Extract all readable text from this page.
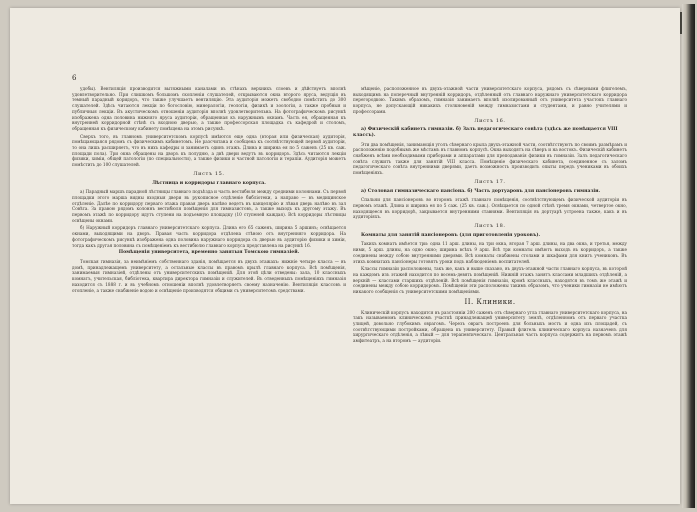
6

удобы). Вентиляція производится вытяжными каналами въ стѣнахъ верхнихъ слоевъ и дѣйствуетъ вполнѣ удовлетворительно. При слишкомъ большомъ скопленіи слушателей, открываются окна второго яруса, ведущія въ темный парадный коридоръ, что также улучшаетъ вентиляцію. Эта аудиторія можетъ свободно помѣстить до 300 слушателей. Здѣсь читаются лекціи по богословію, минералогіи, геологіи, физикѣ и зоологіи, а также пробныя и публичныя лекціи. Въ акустическомъ отношеніи аудиторія вполнѣ удовлетворительна. На фотографическомъ рисункѣ изображена одна половина нижняго яруса аудиторіи, обращенная къ наружнымъ окнамъ. Часть ея, обращенная къ внутренней корридорной стѣнѣ съ входною дверью, а также профессорская площадка съ кафедрой и столомъ, обращенная къ физическому кабинету помѣщена на этомъ рисункѣ.

Сверхъ того, въ главномъ университетскомъ корпусѣ имѣются еще одна (вторая или физическая) аудиторія, помѣщающаяся рядомъ съ физическимъ кабинетомъ. Не разсчитана и сообщена къ соотвѣтствующей первой аудиторіи, то она лишь расширяетъ, что въ нихъ кафедры и занимаетъ одинъ этажъ. Длина и ширина ея по 5 саженъ (25 кв. саж. площади пола). Три окна обращены на дворъ къ полудню, а двѣ двери ведутъ въ корридоръ. Здѣсь читаются лекціи физики, химіи, общей патологіи (по специальности), а также физики и частной патологіи и терапіи. Аудиторія можетъ помѣстить до 100 слушателей.

Листъ 15.
Лѣстница и корридоры главнаго корпуса.

а) Парадный маршъ парадной лѣстницы главнаго подъѣзда и часть вестибюля между средними колоннами. Съ первой площадки этого марша видны входныя двери въ рукописное отдѣленіе библіотеки, а направо — въ медицинское отдѣленіе. Далѣе по корридору перваго этажа правая дверь налѣво ведетъ въ канцелярію и лѣвая дверь налѣво въ зал Совѣта. За правою рядомъ колоннъ вестибюля помѣщенія для гимназистовъ, а также выходъ къ другому этажу. Въ первомъ этажѣ по корридору идутъ ступени на подъемную площадку (10 ступеней каждая). Всѣ корридоры лѣстницы освѣщены окнами.

б) Наружный корридоръ главнаго университетскаго корпуса. Длина его 65 саженъ, ширина 5 аршинъ; освѣщается окнами, выходящими на дворъ. Правая часть корридора отдѣлена стѣною отъ внутренняго корридора. На фотографическомъ рисункѣ изображена одна половина наружнаго корридора съ дверью въ аудиторію физики и химіи, тогда какъ другая половина съ помѣщеніемъ къ вестибюлю главнаго корпуса представлена на рисункѣ 16.

Помѣщенія университета, временно занятыя Томскою гимназіей.

Томская гимназія, за неимѣніемъ собственнаго зданія, помѣщается въ двухъ этажахъ: нижніе четыре класса — въ домѣ, принадлежащемъ университету, а остальные классы въ правомъ крылѣ главнаго корпуса. Всѣ помѣщенія, занимаемыя гимназіей, отдѣлены отъ университетскихъ помѣщеній. Для этой цѣли отведены: зала, 10 классныхъ комнатъ, учительская, библіотека, квартира директора гимназіи и служителей. Въ отведенныхъ помѣщеніяхъ гимназія находится съ 1888 г. и въ учебномъ отношеніи вполнѣ удовлетворяетъ своему назначенію. Вентиляція классовъ и отопленіе, а также снабженіе водою и освѣщеніе производятся общими съ университетомъ средствами.

мѣщеніе, расположенное въ двухъ-этажной части университетскаго корпуса, рядомъ съ сѣверными флигелемъ, выходящимъ на поперечный внутренній корридоръ, отдѣленный отъ главнаго наружнаго университетскаго корридора перегородкою. Такимъ образомъ, гимназія занимаетъ вполнѣ изолированный отъ университета участокъ главнаго корпуса, не допускающій никакихъ столкновеній между гимназистами и студентами, и равно учителями и профессорами.

Листъ 16.
а) Физическій кабинетъ гимназіи. б) Залъ педагогическаго совѣта (здѣсь же помѣщается VIII классъ).

Эти два помѣщенія, занимающія уголъ сѣвернаго крыла двухъ-этажной части, соотвѣтствуютъ по своимъ размѣрамъ и расположенію подобнымъ же мѣстамъ въ главномъ корпусѣ. Окна выходятъ на сѣверъ и на востокъ. Физическій кабинетъ снабженъ всѣми необходимыми приборами и аппаратами для преподаванія физики въ гимназіи. Залъ педагогическаго совѣта служитъ также для занятій VIII класса. Помѣщеніе физическаго кабинета, соединенное съ заломъ педагогическаго совѣта внутренними дверями, даетъ возможность производить опыты передъ учениками въ обоихъ помѣщеніяхъ.

Листъ 17.
а) Столовая гимназическаго пансіона. б) Часть дортуаровъ для пансіонеровъ гимназіи.

Спальни для пансіонеровъ во второмъ этажѣ главнаго помѣщенія, соотвѣтствующемъ физической аудиторіи въ первомъ этажѣ. Длина и ширина ея по 5 саж. (25 кв. саж.). Освѣщается по одной стѣнѣ тремя окнами, четвертое окно, находящееся въ корридорѣ, закрывается внутренними ставнями. Вентиляція въ дортуарѣ устроена также, какъ и въ аудиторіяхъ.

Листъ 18.
Комнаты для занятій пансіонеровъ (для приготовленія уроковъ).

Такихъ комнатъ имѣется три: одна 11 арш. длины, на три окна, вторая 7 арш. длины, на два окна, и третья, между ними, 5 арш. длины, на одно окно; ширина всѣхъ 9 арш. Всѣ три комнаты имѣютъ выходъ въ корридоръ, а также соединены между собою внутренними дверями. Всѣ комнаты снабжены столами и шкафами для книгъ учениковъ. Въ этихъ комнатахъ пансіонеры готовятъ уроки подъ наблюденіемъ воспитателей.

Классы гимназіи расположены, такъ же, какъ и выше сказано, въ двухъ-этажной части главнаго корпуса, въ которой на каждомъ изъ этажей находится по восемь-девять помѣщеній. Нижній этажъ занятъ классами младшихъ отдѣленій, а верхній — классами старшихъ отдѣленій. Всѣ помѣщенія гимназіи, кромѣ классныхъ, находятся въ томъ же этажѣ и соединены между собою корридоромъ. Помѣщенія эти расположены такимъ образомъ, что ученики гимназіи не имѣютъ никакого сообщенія съ университетскими помѣщеніями.

II. Клиники.

Клиническій корпусъ находится въ разстояніи 200 саженъ отъ сѣвернаго угла главнаго университетскаго корпуса, на такъ называемомъ клиническомъ участкѣ принадлежащей университету землѣ, отдѣленномъ отъ перваго участка улицей, довольно глубокимъ оврагомъ. Черезъ оврагъ построенъ для больныхъ мостъ и одна изъ площадей, съ соотвѣтствующими постройками, обращена къ университету. Правый флигель клиническаго корпуса назначенъ для хирургическаго отдѣленія, а лѣвый — для терапевтическаго. Центральная часть корпуса содержитъ на первомъ этажѣ амфитеатръ, а на второмъ — аудиторіи.
